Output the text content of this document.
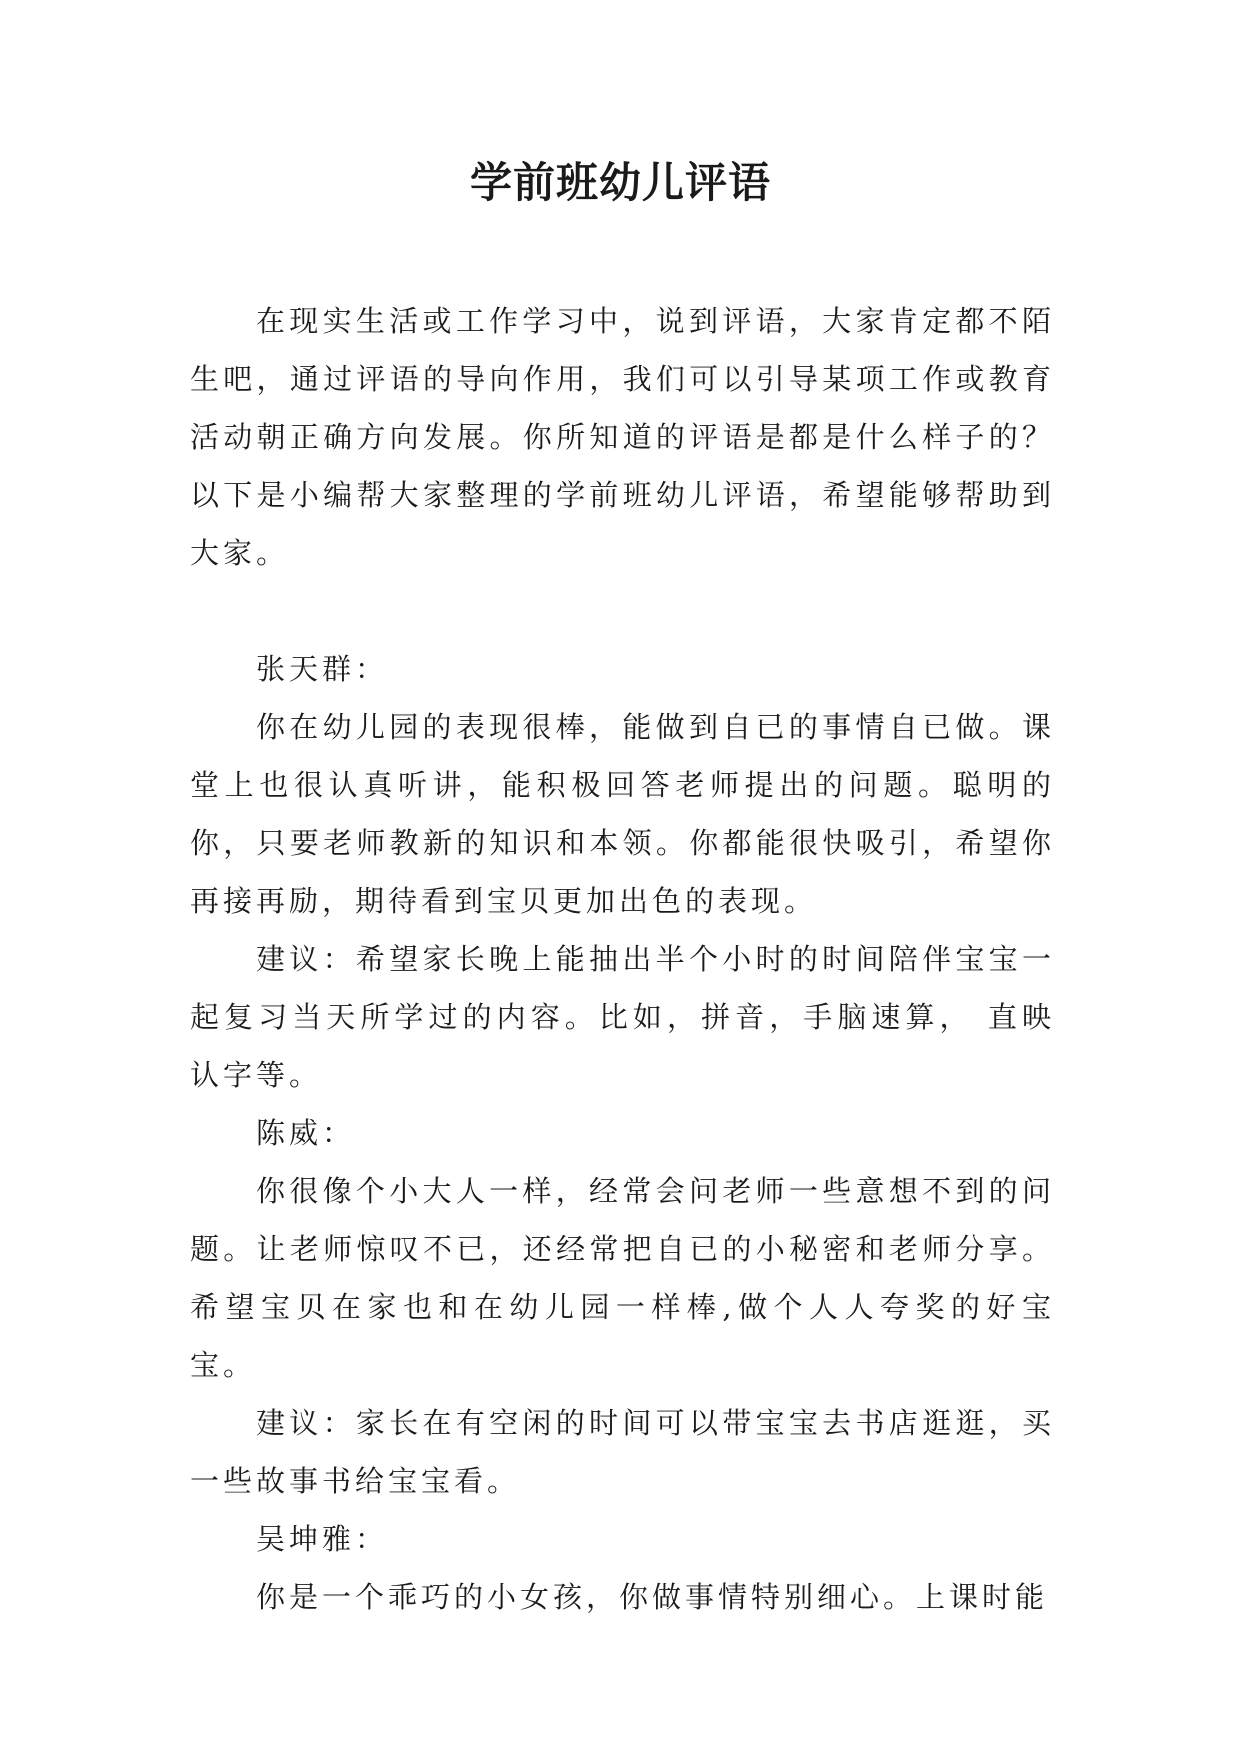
学前班幼儿评语

在现实生活或工作学习中，说到评语，大家肯定都不陌生吧，通过评语的导向作用，我们可以引导某项工作或教育活动朝正确方向发展。你所知道的评语是都是什么样子的？以下是小编帮大家整理的学前班幼儿评语，希望能够帮助到大家。

张天群：

你在幼儿园的表现很棒，能做到自已的事情自已做。课堂上也很认真听讲，能积极回答老师提出的问题。聪明的你，只要老师教新的知识和本领。你都能很快吸引，希望你再接再励，期待看到宝贝更加出色的表现。

建议：希望家长晚上能抽出半个小时的时间陪伴宝宝一起复习当天所学过的内容。比如，拼音，手脑速算， 直映认字等。

陈威：

你很像个小大人一样，经常会问老师一些意想不到的问题。让老师惊叹不已，还经常把自已的小秘密和老师分享。希望宝贝在家也和在幼儿园一样棒,做个人人夸奖的好宝宝。

建议：家长在有空闲的时间可以带宝宝去书店逛逛，买一些故事书给宝宝看。

吴坤雅：

你是一个乖巧的小女孩，你做事情特别细心。上课时能
